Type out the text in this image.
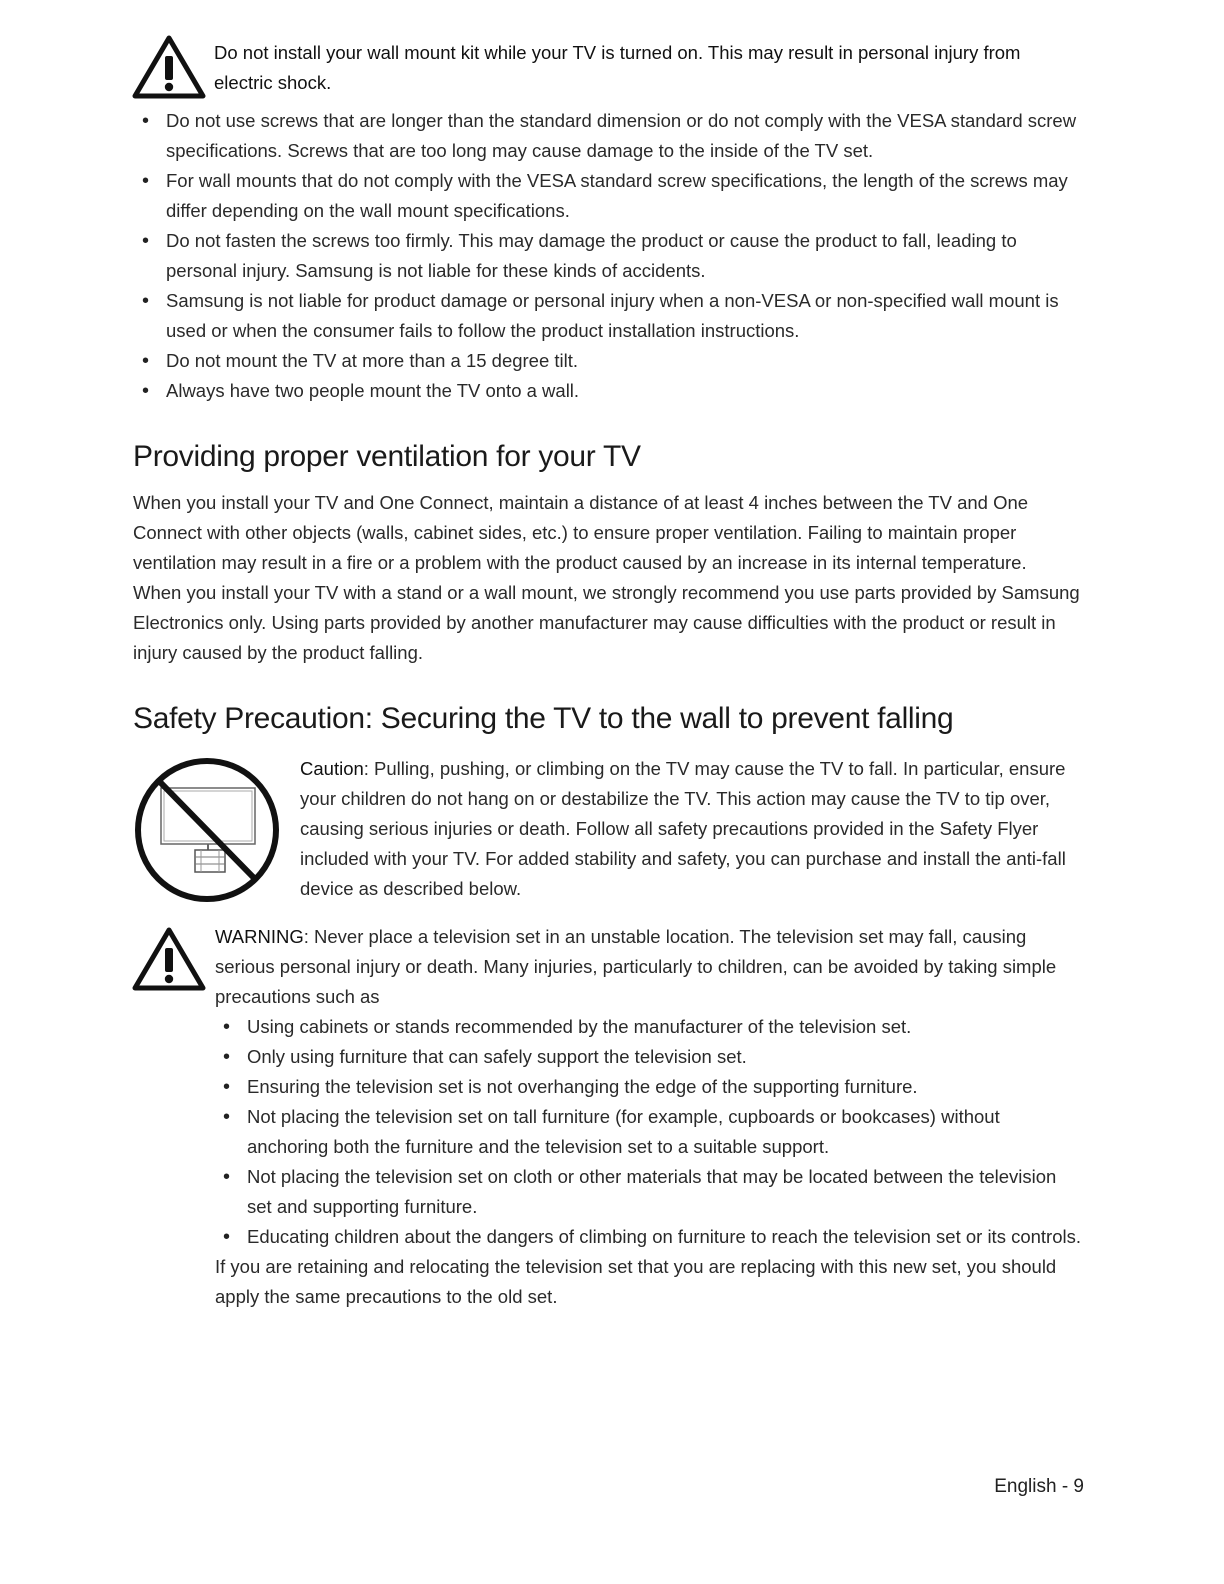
Do not install your wall mount kit while your TV is turned on. This may result in personal injury from electric shock.

• Do not use screws that are longer than the standard dimension or do not comply with the VESA standard screw specifications. Screws that are too long may cause damage to the inside of the TV set.
• For wall mounts that do not comply with the VESA standard screw specifications, the length of the screws may differ depending on the wall mount specifications.
• Do not fasten the screws too firmly. This may damage the product or cause the product to fall, leading to personal injury. Samsung is not liable for these kinds of accidents.
• Samsung is not liable for product damage or personal injury when a non-VESA or non-specified wall mount is used or when the consumer fails to follow the product installation instructions.
• Do not mount the TV at more than a 15 degree tilt.
• Always have two people mount the TV onto a wall.
Providing proper ventilation for your TV
When you install your TV and One Connect, maintain a distance of at least 4 inches between the TV and One Connect with other objects (walls, cabinet sides, etc.) to ensure proper ventilation. Failing to maintain proper ventilation may result in a fire or a problem with the product caused by an increase in its internal temperature.
When you install your TV with a stand or a wall mount, we strongly recommend you use parts provided by Samsung Electronics only. Using parts provided by another manufacturer may cause difficulties with the product or result in injury caused by the product falling.
Safety Precaution: Securing the TV to the wall to prevent falling

Caution: Pulling, pushing, or climbing on the TV may cause the TV to fall. In particular, ensure your children do not hang on or destabilize the TV. This action may cause the TV to tip over, causing serious injuries or death. Follow all safety precautions provided in the Safety Flyer included with your TV. For added stability and safety, you can purchase and install the anti-fall device as described below.

WARNING: Never place a television set in an unstable location. The television set may fall, causing serious personal injury or death. Many injuries, particularly to children, can be avoided by taking simple precautions such as

• Using cabinets or stands recommended by the manufacturer of the television set.
• Only using furniture that can safely support the television set.
• Ensuring the television set is not overhanging the edge of the supporting furniture.
• Not placing the television set on tall furniture (for example, cupboards or bookcases) without anchoring both the furniture and the television set to a suitable support.
• Not placing the television set on cloth or other materials that may be located between the television set and supporting furniture.
• Educating children about the dangers of climbing on furniture to reach the television set or its controls.

If you are retaining and relocating the television set that you are replacing with this new set, you should apply the same precautions to the old set.

English - 9
